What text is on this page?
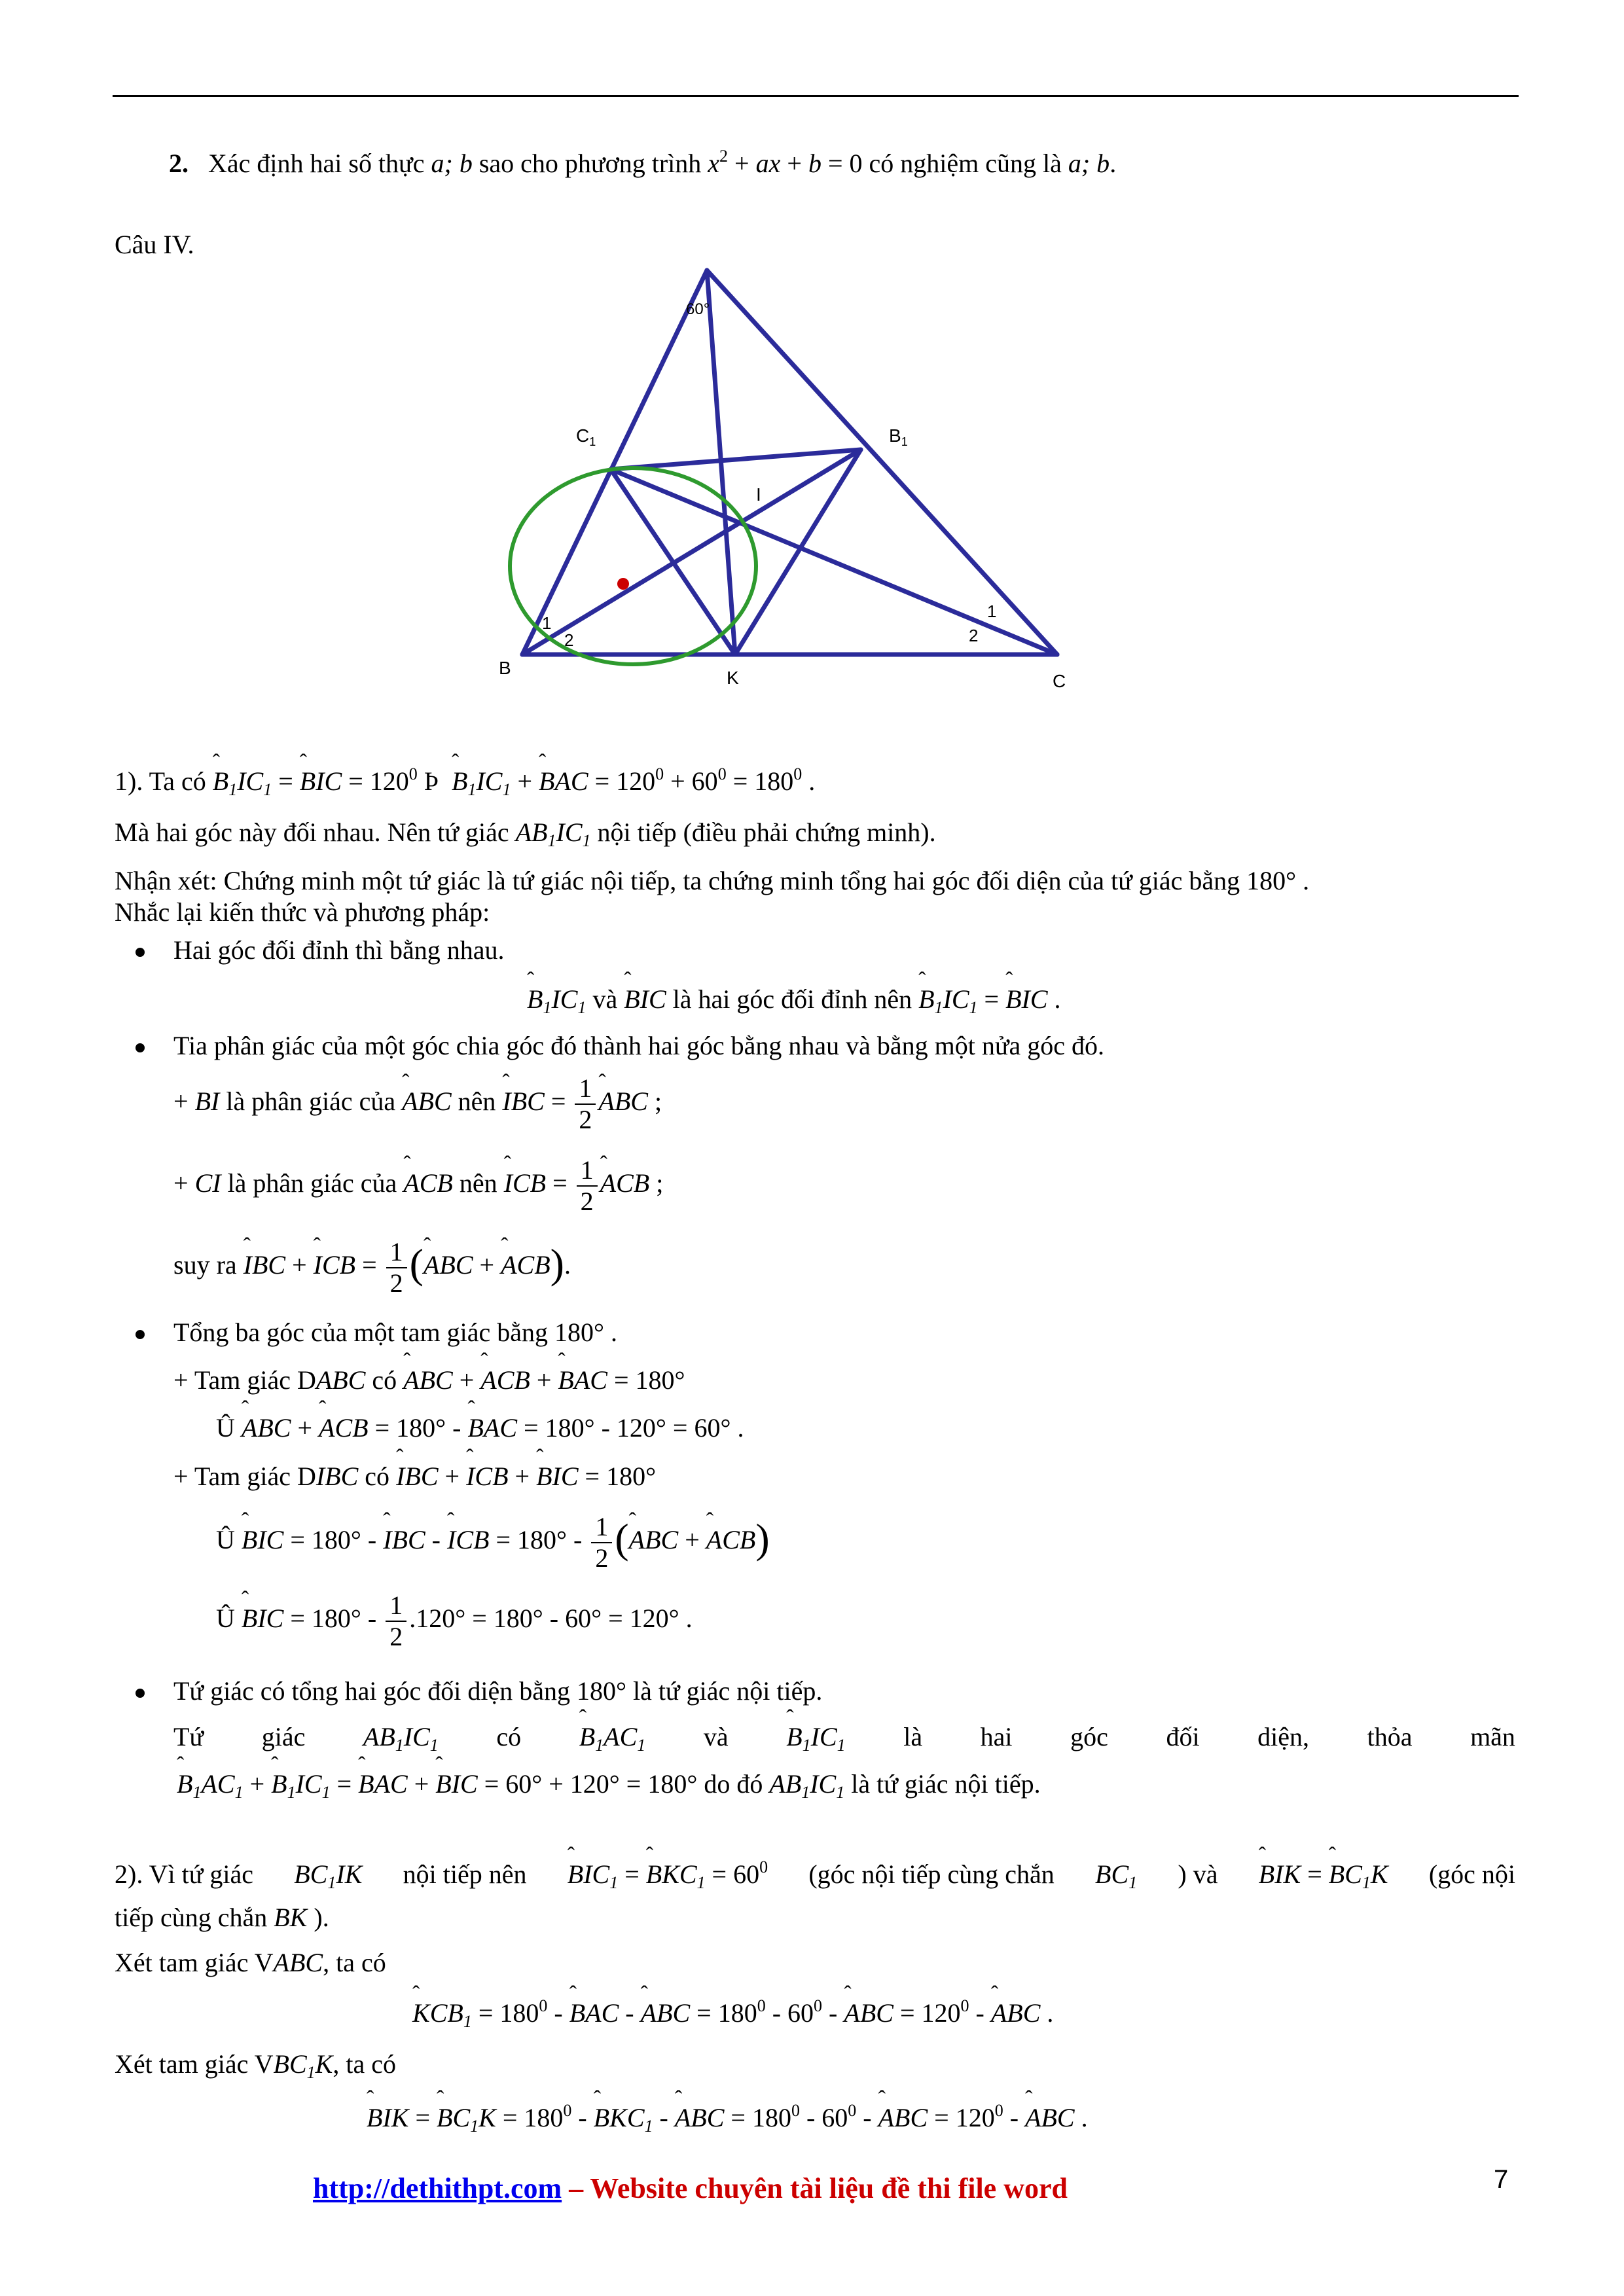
2. Xác định hai số thực a; b sao cho phương trình $x^2$ + ax + b = 0 có nghiệm cũng là a; b.
Câu IV.
60°
$C_1$	$B_1$
I
B	K	C
1
2
1
2
1). Ta có ˆ $B_1IC_1$ = ˆ BIC = $120^0$ Þ ˆ $B_1IC_1$ + ˆ BAC = $120^0 + 60^0 = 180^0$ .
Mà hai góc này đối nhau. Nên tứ giác $AB_1IC_1$ nội tiếp (điều phải chứng minh).
Nhận xét: Chứng minh một tứ giác là tứ giác nội tiếp, ta chứng minh tổng hai góc đối diện của tứ giác bằng 180° .
Nhắc lại kiến thức và phương pháp:
Hai góc đối đỉnh thì bằng nhau.
ˆ $B_1IC_1$ và ˆ BIC là hai góc đối đỉnh nên ˆ $B_1IC_1$ = ˆ BIC .
Tia phân giác của một góc chia góc đó thành hai góc bằng nhau và bằng một nửa góc đó.
+ BI là phân giác của ˆ ABC nên ˆ IBC = $\frac{1}{2}$ ˆ ABC ;
+ CI là phân giác của ˆ ACB nên ˆ ICB = $\frac{1}{2}$ ˆ ACB ;
suy ra ˆ IBC + ˆ ICB = $\frac{1}{2}$ (ˆ ABC + ˆ ACB).
Tổng ba góc của một tam giác bằng 180° .
+ Tam giác DABC có ˆ ABC + ˆ ACB + ˆ BAC = 180°
Û ˆ ABC + ˆ ACB = 180° - ˆ BAC = 180° - 120° = 60° .
+ Tam giác DIBC có ˆ IBC + ˆ ICB + ˆ BIC = 180°
Û ˆ BIC = 180° - ˆ IBC - ˆ ICB = $180^\circ - \frac{1}{2}$ (ˆ ABC + ˆ ACB)
Û ˆ BIC = $180^\circ - \frac{1}{2} .120^\circ = 180^\circ - 60^\circ = 120^\circ$ .
Tứ giác có tổng hai góc đối diện bằng 180° là tứ giác nội tiếp.
Tứ giác $AB_1IC_1$ có ˆ $B_1AC_1$ và ˆ $B_1IC_1$ là hai góc đối diện, thỏa mãn
ˆ $B_1AC_1$ + ˆ $B_1IC_1$ = ˆ BAC + ˆ BIC = 60° + 120° = 180° do đó $AB_1IC_1$ là tứ giác nội tiếp.
2). Vì tứ giác $BC_1IK$ nội tiếp nên ˆ $BIC_1$ = ˆ $BKC_1 = 60^0$ (góc nội tiếp cùng chắn $BC_1$ ) và ˆ BIK = ˆ $BC_1K$ (góc nội
tiếp cùng chắn BK ).
Xét tam giác VABC, ta có
ˆ $KCB_1 = 180^0$ - ˆ BAC - ˆ ABC = $180^0 - 60^0$ - ˆ ABC = $120^0$ - ˆ ABC .
Xét tam giác $VBC_1K$, ta có
ˆ BIK = ˆ $BC_1K = 180^0$ - ˆ $BKC_1$ - ˆ ABC = $180^0 - 60^0$ - ˆ ABC = $120^0$ - ˆ ABC .
http://dethithpt.com – Website chuyên tài liệu đề thi file word	7
